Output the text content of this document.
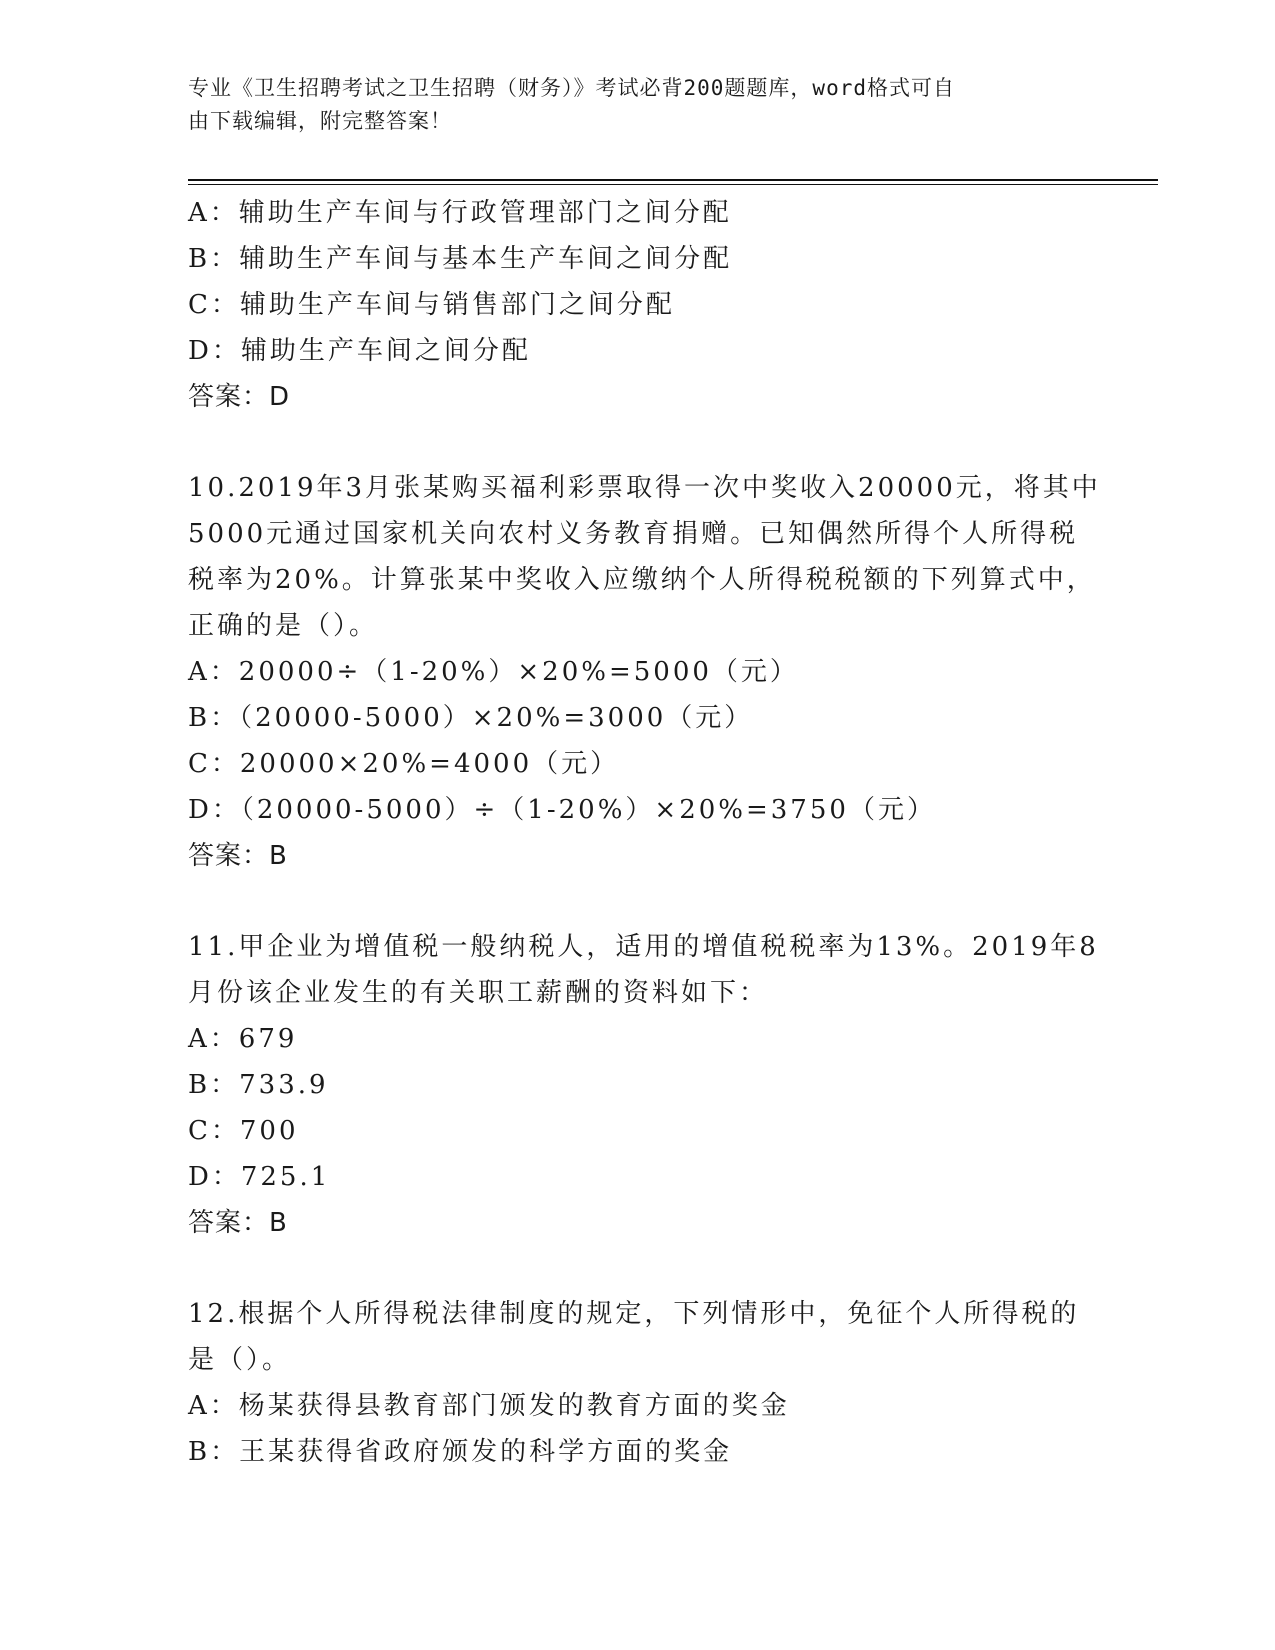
专业《卫生招聘考试之卫生招聘（财务）》考试必背200题题库，word格式可自
由下载编辑，附完整答案！
A：辅助生产车间与行政管理部门之间分配
B：辅助生产车间与基本生产车间之间分配
C：辅助生产车间与销售部门之间分配
D：辅助生产车间之间分配
答案：D
10.2019年3月张某购买福利彩票取得一次中奖收入20000元，将其中
5000元通过国家机关向农村义务教育捐赠。已知偶然所得个人所得税
税率为20%。计算张某中奖收入应缴纳个人所得税税额的下列算式中，
正确的是（）。
A：20000÷（1-20%）×20%=5000（元）
B：（20000-5000）×20%=3000（元）
C：20000×20%=4000（元）
D：（20000-5000）÷（1-20%）×20%=3750（元）
答案：B
11.甲企业为增值税一般纳税人，适用的增值税税率为13%。2019年8
月份该企业发生的有关职工薪酬的资料如下：
A：679
B：733.9
C：700
D：725.1
答案：B
12.根据个人所得税法律制度的规定，下列情形中，免征个人所得税的
是（）。
A：杨某获得县教育部门颁发的教育方面的奖金
B：王某获得省政府颁发的科学方面的奖金
